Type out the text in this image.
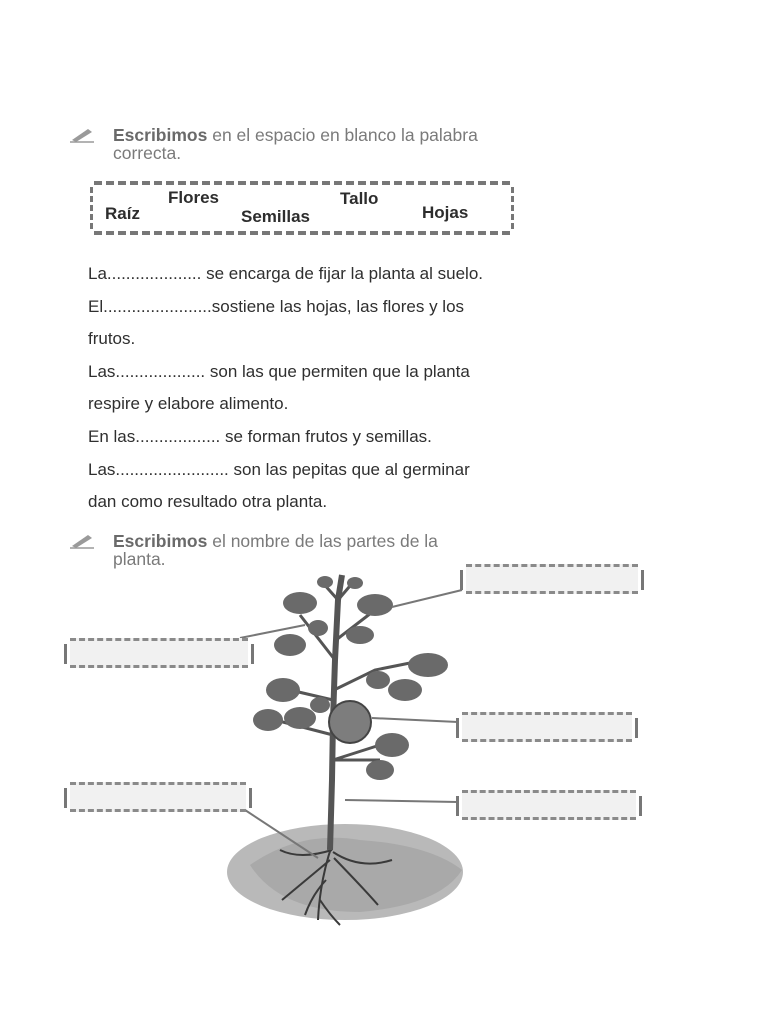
Escribimos en el espacio en blanco la palabra
correcta.
Raíz
Flores
Semillas
Tallo
Hojas

La.................... se encarga de fijar la planta al suelo.

El.......................sostiene las hojas, las flores y los

frutos.

Las................... son las que permiten que la planta

respire y elabore alimento.

En las.................. se forman frutos y semillas.

Las........................ son las pepitas que al germinar

dan como resultado otra planta.

Escribimos el nombre de las partes de la
planta.
